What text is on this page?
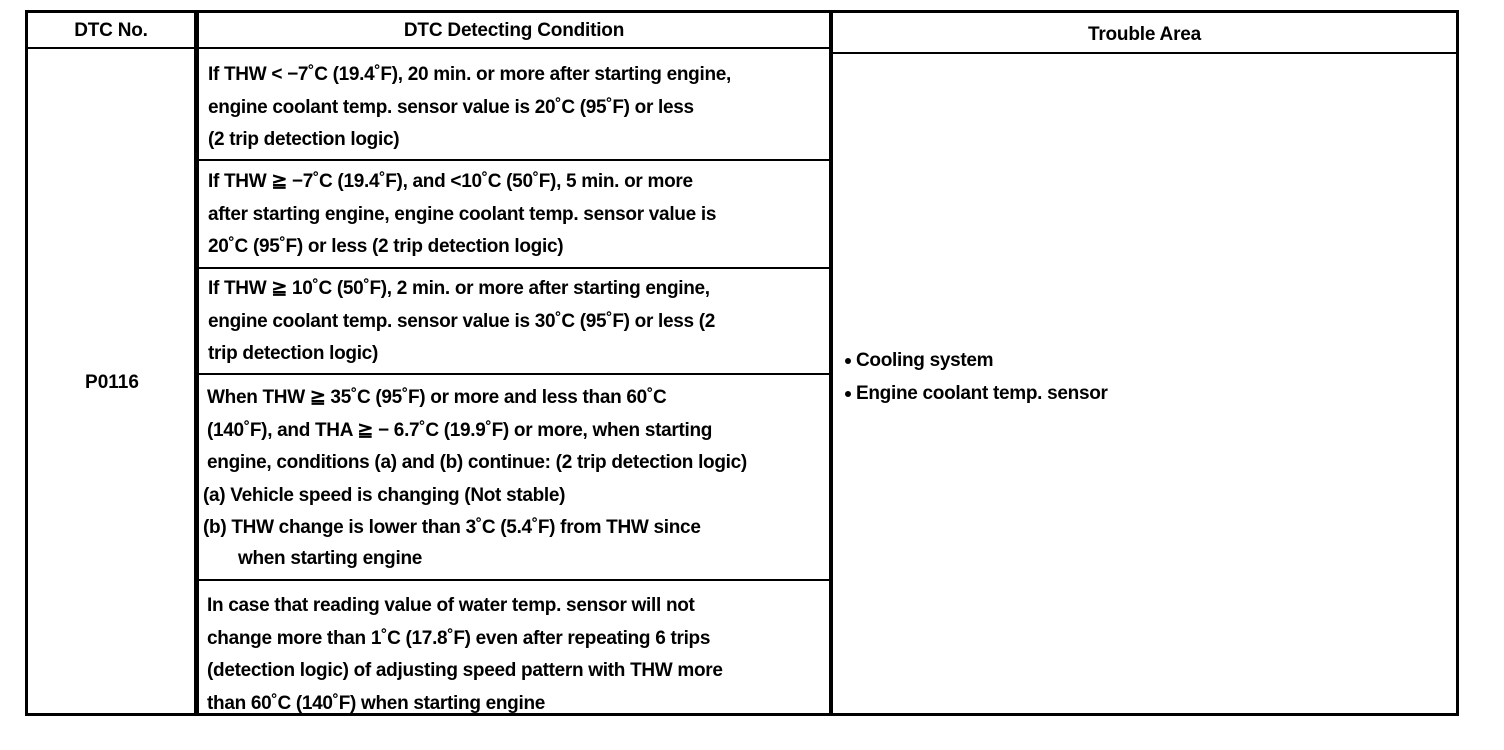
DTC No.	DTC Detecting Condition	Trouble Area
P0116
If THW < −7˚C (19.4˚F), 20 min. or more after starting engine,
engine coolant temp. sensor value is 20˚C (95˚F) or less
(2 trip detection logic)
If THW ≧ −7˚C (19.4˚F), and <10˚C (50˚F), 5 min. or more
after starting engine, engine coolant temp. sensor value is
20˚C (95˚F) or less (2 trip detection logic)
If THW ≧ 10˚C (50˚F), 2 min. or more after starting engine,
engine coolant temp. sensor value is 30˚C (95˚F) or less (2
trip detection logic)
When THW ≧ 35˚C (95˚F) or more and less than 60˚C
(140˚F), and THA ≧ − 6.7˚C (19.9˚F) or more, when starting
engine, conditions (a) and (b) continue: (2 trip detection logic)
(a) Vehicle speed is changing (Not stable)
(b) THW change is lower than 3˚C (5.4˚F) from THW since
when starting engine
In case that reading value of water temp. sensor will not
change more than 1˚C (17.8˚F) even after repeating 6 trips
(detection logic) of adjusting speed pattern with THW more
than 60˚C (140˚F) when starting engine
Cooling system
Engine coolant temp. sensor
